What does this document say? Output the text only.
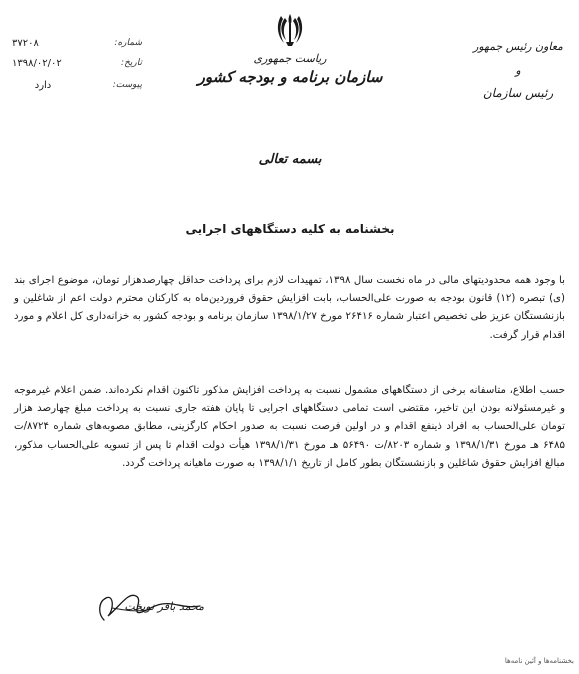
۳۷۲۰۸	شماره:
۱۳۹۸/۰۲/۰۲	تاریخ:
دارد	پیوست:
ریاست جمهوری
سازمان برنامه و بودجه کشور
معاون رئیس جمهور
و
رئیس سازمان
بسمه تعالی
بخشنامه به کلیه دستگاههای اجرایی
با وجود همه محدودیتهای مالی در ماه نخست سال ۱۳۹۸، تمهیدات لازم برای پرداخت حداقل چهارصدهزار تومان، موضوع اجرای بند (ی) تبصره (۱۲) قانون بودجه به صورت علی‌الحساب، بابت افزایش حقوق فروردین‌ماه به کارکنان محترم دولت اعم از شاغلین و بازنشستگان عزیز طی تخصیص اعتبار شماره ۲۶۴۱۶ مورخ ۱۳۹۸/۱/۲۷ سازمان برنامه و بودجه کشور به خزانه‌داری کل اعلام و مورد اقدام قرار گرفت.
حسب اطلاع، متاسفانه برخی از دستگاههای مشمول نسبت به پرداخت افزایش مذکور تاکنون اقدام نکرده‌اند. ضمن اعلام غیرموجه و غیرمسئولانه بودن این تاخیر، مقتضی است تمامی دستگاههای اجرایی تا پایان هفته جاری نسبت به پرداخت مبلغ چهارصد هزار تومان علی‌الحساب به افراد ذینفع اقدام و در اولین فرصت نسبت به صدور احکام کارگزینی، مطابق مصوبه‌های شماره ۸۷۲۴/ت ۶۴۸۵ هـ مورخ ۱۳۹۸/۱/۳۱ و شماره ۸۲۰۳/ت ۵۶۴۹۰ هـ مورخ ۱۳۹۸/۱/۳۱ هیأت دولت اقدام تا پس از تسویه علی‌الحساب مذکور، مبالغ افزایش حقوق شاغلین و بازنشستگان بطور کامل از تاریخ ۱۳۹۸/۱/۱ به صورت ماهیانه پرداخت گردد.
محمد باقر نوبخت
بخشنامه‌ها و آئین نامه‌ها
